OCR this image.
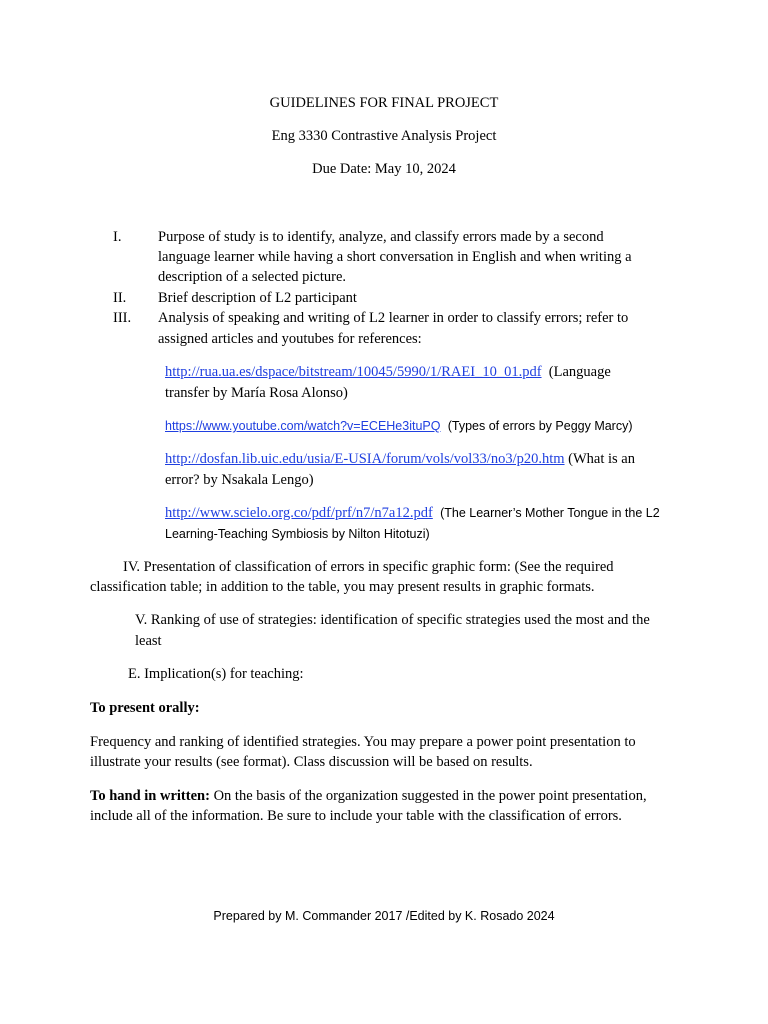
GUIDELINES FOR FINAL PROJECT
Eng 3330 Contrastive Analysis Project
Due Date: May 10, 2024
I.	Purpose of study is to identify, analyze, and classify errors made by a second
language learner while having a short conversation in English and when writing a
description of a selected picture.
II.	Brief description of L2 participant
III.	Analysis of speaking and writing of L2 learner in order to classify errors; refer to
assigned articles and youtubes for references:
http://rua.ua.es/dspace/bitstream/10045/5990/1/RAEI_10_01.pdf (Language
transfer by María Rosa Alonso)
https://www.youtube.com/watch?v=ECEHe3ituPQ (Types of errors by Peggy Marcy)
http://dosfan.lib.uic.edu/usia/E-USIA/forum/vols/vol33/no3/p20.htm (What is an
error? by Nsakala Lengo)
http://www.scielo.org.co/pdf/prf/n7/n7a12.pdf (The Learner’s Mother Tongue in the L2
Learning-Teaching Symbiosis by Nilton Hitotuzi)
IV. Presentation of classification of errors in specific graphic form: (See the required
classification table; in addition to the table, you may present results in graphic formats.
V. Ranking of use of strategies: identification of specific strategies used the most and the
least
E. Implication(s) for teaching:
To present orally:
Frequency and ranking of identified strategies. You may prepare a power point presentation to
illustrate your results (see format). Class discussion will be based on results.
To hand in written: On the basis of the organization suggested in the power point presentation,
include all of the information. Be sure to include your table with the classification of errors.
Prepared by M. Commander 2017 /Edited by K. Rosado 2024
